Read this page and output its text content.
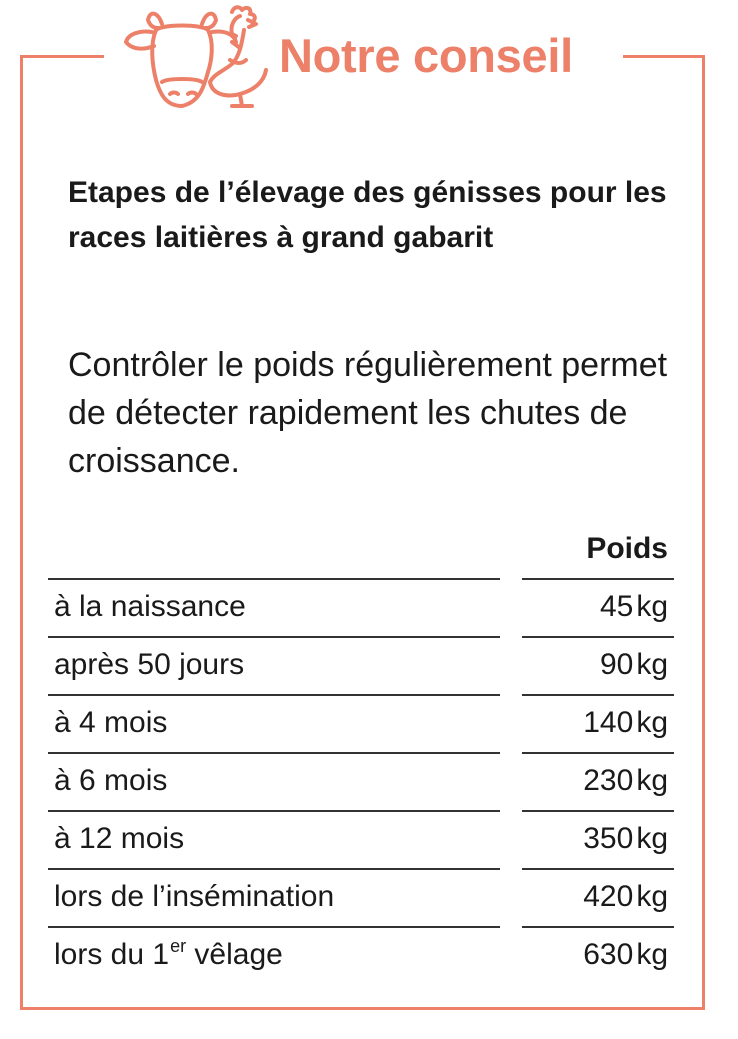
Notre conseil
Etapes de l’élevage des génisses pour les races laitières à grand gabarit
Contrôler le poids régulièrement permet de détecter rapidement les chutes de croissance.
Poids
à la naissance	45 kg
après 50 jours	90 kg
à 4 mois	140 kg
à 6 mois	230 kg
à 12 mois	350 kg
lors de l’insémination	420 kg
lors du 1er vêlage	630 kg
